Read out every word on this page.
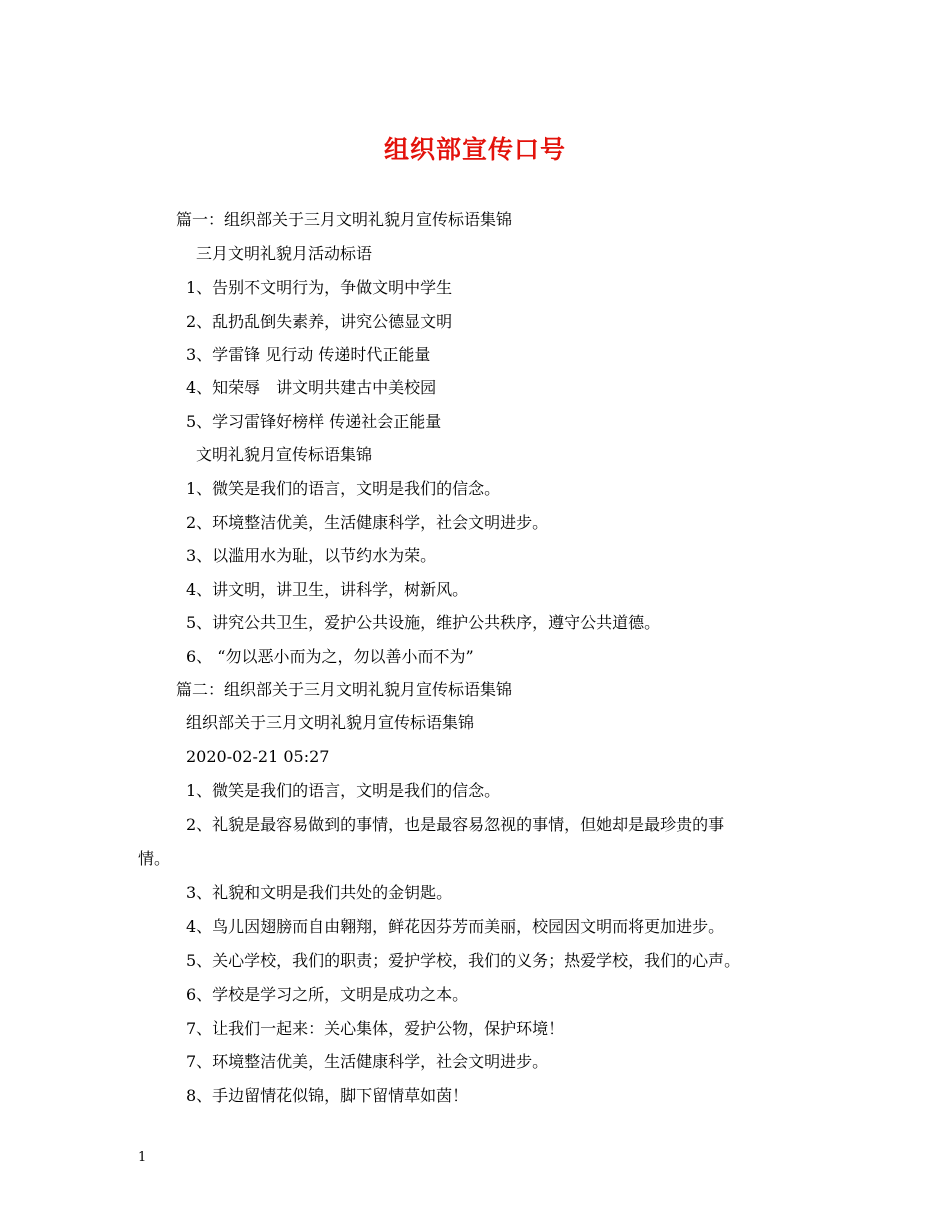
组织部宣传口号
篇一：组织部关于三月文明礼貌月宣传标语集锦
三月文明礼貌月活动标语
1、告别不文明行为，争做文明中学生
2、乱扔乱倒失素养，讲究公德显文明
3、学雷锋 见行动 传递时代正能量
4、知荣辱　讲文明共建古中美校园
5、学习雷锋好榜样 传递社会正能量
文明礼貌月宣传标语集锦
1、微笑是我们的语言，文明是我们的信念。
2、环境整洁优美，生活健康科学，社会文明进步。
3、以滥用水为耻，以节约水为荣。
4、讲文明，讲卫生，讲科学，树新风。
5、讲究公共卫生，爱护公共设施，维护公共秩序，遵守公共道德。
6、 “勿以恶小而为之，勿以善小而不为”
篇二：组织部关于三月文明礼貌月宣传标语集锦
组织部关于三月文明礼貌月宣传标语集锦
2020-02-21 05:27
1、微笑是我们的语言，文明是我们的信念。
2、礼貌是最容易做到的事情，也是最容易忽视的事情，但她却是最珍贵的事
情。
3、礼貌和文明是我们共处的金钥匙。
4、鸟儿因翅膀而自由翱翔，鲜花因芬芳而美丽，校园因文明而将更加进步。
5、关心学校，我们的职责；爱护学校，我们的义务；热爱学校，我们的心声。
6、学校是学习之所，文明是成功之本。
7、让我们一起来：关心集体，爱护公物，保护环境！
7、环境整洁优美，生活健康科学，社会文明进步。
8、手边留情花似锦，脚下留情草如茵！
1
